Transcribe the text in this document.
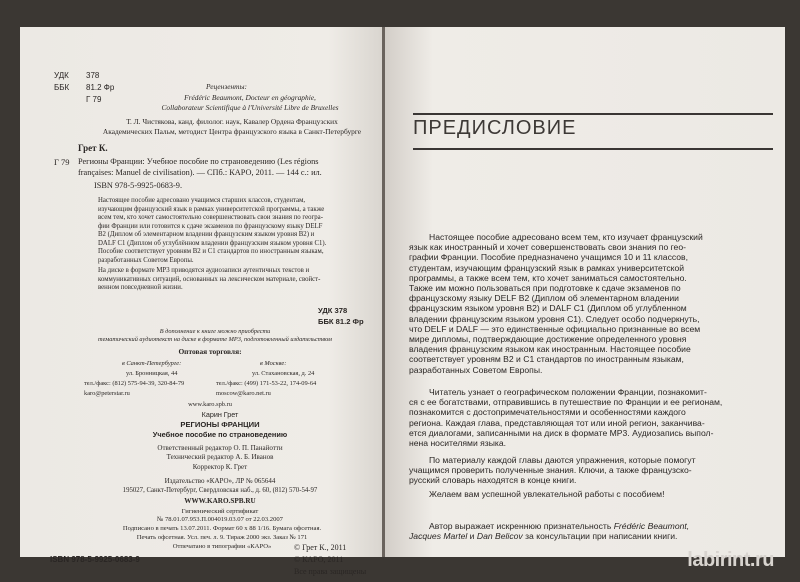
УДК 378
ББК 81.2 Фр
Г 79
Рецензенты:
Frédéric Beaumont, Docteur en géographie,
Collaborateur Scientifique à l'Université Libre de Bruxelles
Т. Л. Чистякова, канд. филолог. наук, Кавалер Ордена Французских
Академических Пальм, методист Центра французского языка в Санкт-Петербурге
Грет К.
Г 79 Регионы Франции: Учебное пособие по страноведению (Les régions
françaises: Manuel de civilisation). — СПб.: КАРО, 2011. — 144 с.: ил.
ISBN 978-5-9925-0683-9.
Настоящее пособие адресовано учащимся старших классов, студентам,
изучающим французский язык в рамках университетской программы, а также
всем тем, кто хочет самостоятельно совершенствовать свои знания по геогра-
фии Франции или готовится к сдаче экзаменов по французскому языку DELF
B2 (Диплом об элементарном владении французским языком уровня B2) и
DALF C1 (Диплом об углублённом владении французским языком уровня C1).
Пособие соответствует уровням B2 и C1 стандартов по иностранным языкам,
разработанных Советом Европы.
На диске в формате MP3 приводятся аудиозаписи аутентичных текстов и
коммуникативных ситуаций, основанных на лексическом материале, свойст-
венном повседневной жизни.
УДК 378
ББК 81.2 Фр
В дополнение к книге можно приобрести
тематический аудиотекст на диске в формате MP3, подготовленный издательством
Оптовая торговля:
в Санкт-Петербурге:	в Москве:
ул. Бронницкая, 44	ул. Стахановская, д. 24
тел./факс: (812) 575-94-39, 320-84-79	тел./факс: (499) 171-53-22, 174-09-64
karo@peterstar.ru	moscow@karo.net.ru
www.karo.spb.ru
Карин Грет
РЕГИОНЫ ФРАНЦИИ
Учебное пособие по страноведению
Ответственный редактор О. П. Панайотти
Технический редактор А. Б. Иванов
Корректор К. Грет
Издательство «КАРО», ЛР № 065644
195027, Санкт-Петербург, Свердловская наб., д. 60, (812) 570-54-97
WWW.KARO.SPB.RU
Гигиенический сертификат
№ 78.01.07.953.П.004019.03.07 от 22.03.2007
Подписано в печать 13.07.2011. Формат 60 х 88 1/16. Бумага офсетная.
Печать офсетная. Усл. печ. л. 9. Тираж 2000 экз. Заказ № 171
Отпечатано в типографии «КАРО»
ISBN 978-5-9925-0683-9
© Грет К., 2011
© КАРО, 2011
Все права защищены
ПРЕДИСЛОВИЕ
Настоящее пособие адресовано всем тем, кто изучает французский
язык как иностранный и хочет совершенствовать свои знания по гео-
графии Франции. Пособие предназначено учащимся 10 и 11 классов,
студентам, изучающим французский язык в рамках университетской
программы, а также всем тем, кто хочет заниматься самостоятельно.
Также им можно пользоваться при подготовке к сдаче экзаменов по
французскому языку DELF B2 (Диплом об элементарном владении
французским языком уровня B2) и DALF C1 (Диплом об углубленном
владении французским языком уровня C1). Следует особо подчеркнуть,
что DELF и DALF — это единственные официально признанные во всем
мире дипломы, подтверждающие достижение определенного уровня
владения французским языком как иностранным. Настоящее пособие
соответствует уровням B2 и C1 стандартов по иностранным языкам,
разработанных Советом Европы.
Читатель узнает о географическом положении Франции, познакомит-
ся с ее богатствами, отправившись в путешествие по Франции и ее регионам,
познакомится с достопримечательностями и особенностями каждого
региона. Каждая глава, представляющая тот или иной регион, заканчива-
ется диалогами, записанными на диск в формате MP3. Аудиозапись выпол-
нена носителями языка.
По материалу каждой главы даются упражнения, которые помогут
учащимся проверить полученные знания. Ключи, а также французско-
русский словарь находятся в конце книги.
Желаем вам успешной увлекательной работы с пособием!
Автор выражает искреннюю признательность Frédéric Beaumont,
Jacques Martel и Dan Belicov за консультации при написании книги.
labirint.ru
